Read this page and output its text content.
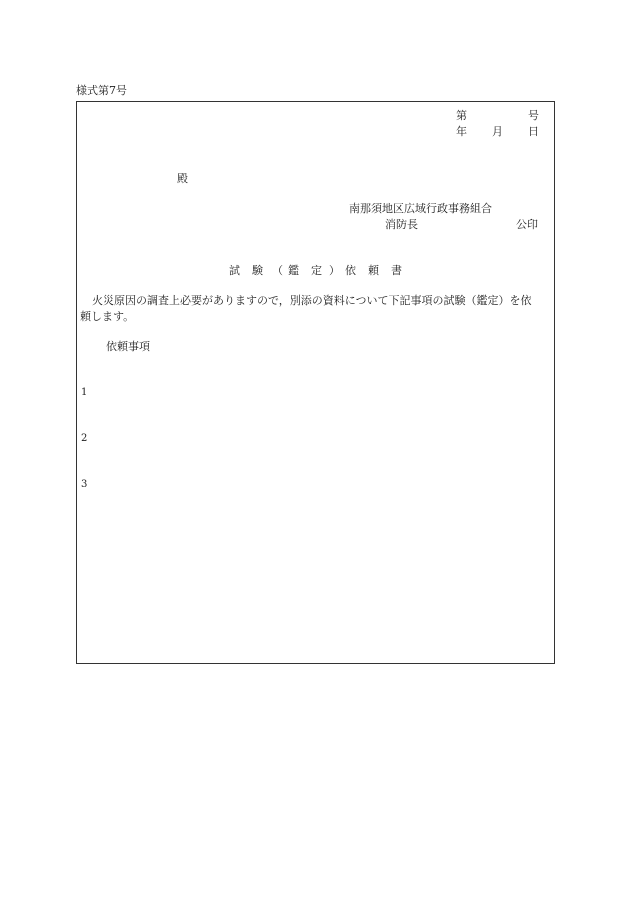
様式第7号
第	号
年 月 日
殿
南那須地区広域行政事務組合
消防長	公印
試 験 （ 鑑 定 ） 依 頼 書
火災原因の調査上必要がありますので，別添の資料について下記事項の試験（鑑定）を依
頼します。
依頼事項
1
2
3
